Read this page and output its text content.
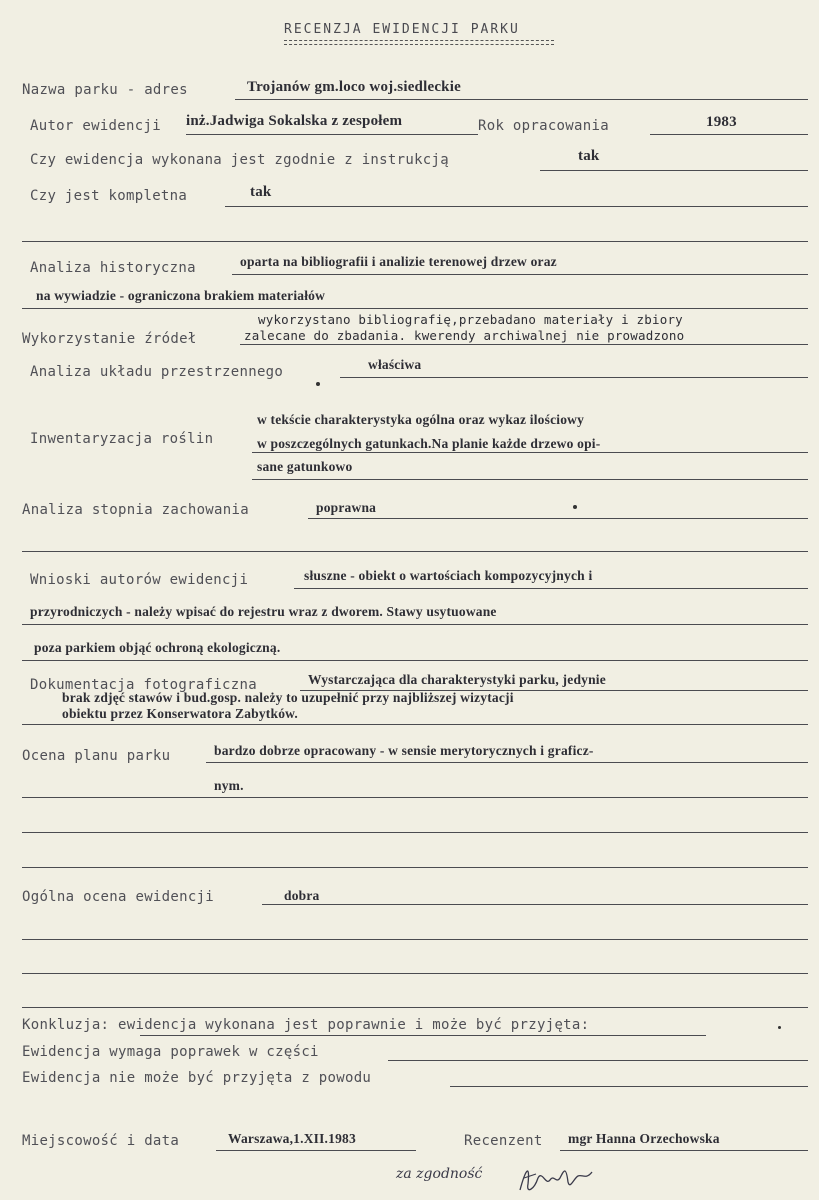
RECENZJA EWIDENCJI PARKU
Nazwa parku - adres	Trojanów gm.loco woj.siedleckie
Autor ewidencji inż.Jadwiga Sokalska z zespołem	Rok opracowania	1983
Czy ewidencja wykonana jest zgodnie z instrukcją	tak
Czy jest kompletna	tak
Analiza historyczna	oparta na bibliografii i analizie terenowej drzew oraz
na wywiadzie - ograniczona brakiem materiałów
Wykorzystanie źródeł
wykorzystano bibliografię,przebadano materiały i zbiory
zalecane do zbadania. kwerendy archiwalnej nie prowadzono
Analiza układu przestrzennego	właściwa
Inwentaryzacja roślin
w tekście charakterystyka ogólna oraz wykaz ilościowy
w poszczególnych gatunkach.Na planie każde drzewo opi-
sane gatunkowo
Analiza stopnia zachowania	poprawna
Wnioski autorów ewidencji	słuszne - obiekt o wartościach kompozycyjnych i
przyrodniczych - należy wpisać do rejestru wraz z dworem. Stawy usytuowane
poza parkiem objąć ochroną ekologiczną.
Dokumentacja fotograficzna	Wystarczająca dla charakterystyki parku, jedynie
brak zdjęć stawów i bud.gosp. należy to uzupełnić przy najbliższej wizytacji
obiektu przez Konserwatora Zabytków.
Ocena planu parku	bardzo dobrze opracowany - w sensie merytorycznych i graficz-
nym.
Ogólna ocena ewidencji	dobra
Konkluzja: ewidencja wykonana jest poprawnie i może być przyjęta:
Ewidencja wymaga poprawek w części
Ewidencja nie może być przyjęta z powodu
Miejscowość i data	Warszawa,1.XII.1983	Recenzent mgr Hanna Orzechowska
za zgodność
